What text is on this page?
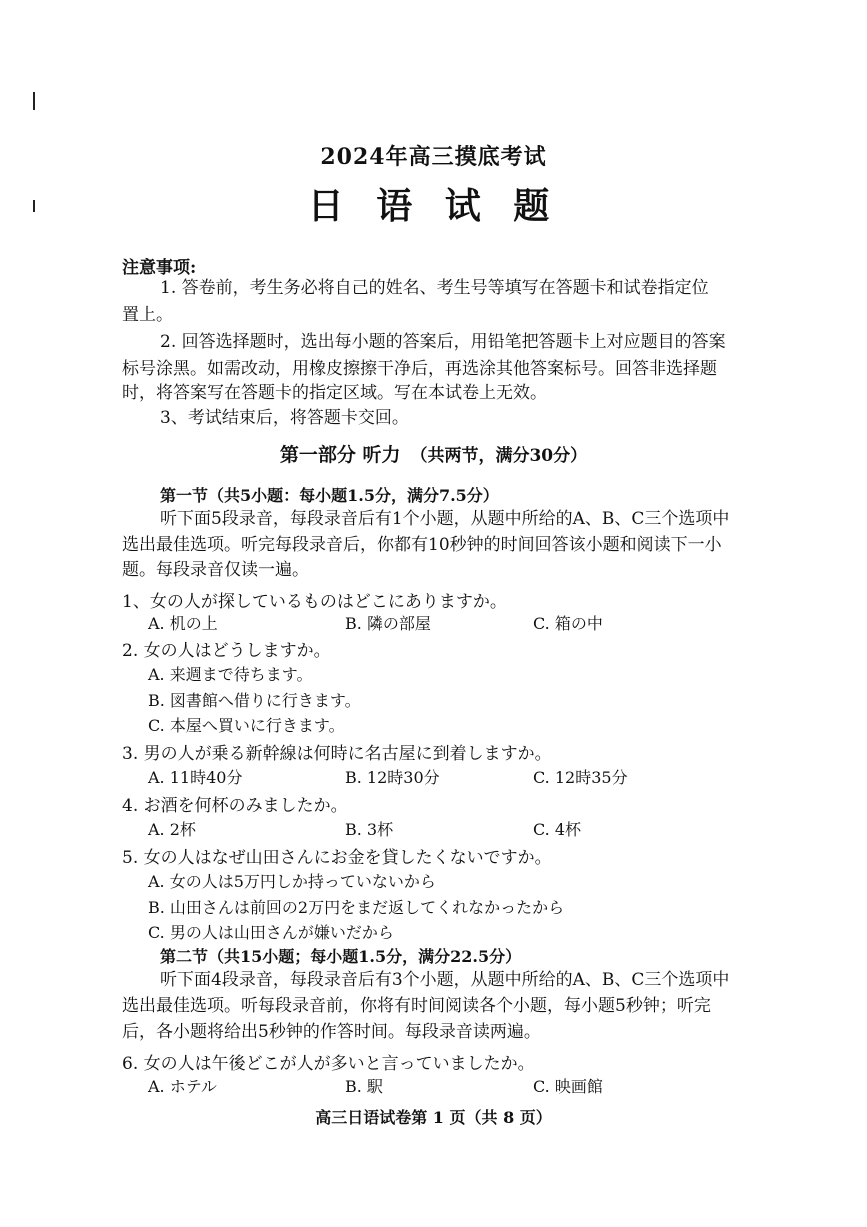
2024年高三摸底考试
日 语 试 题
注意事项:
1. 答卷前，考生务必将自己的姓名、考生号等填写在答题卡和试卷指定位
置上。
2. 回答选择题时，选出每小题的答案后，用铅笔把答题卡上对应题目的答案
标号涂黑。如需改动，用橡皮擦擦干净后，再选涂其他答案标号。回答非选择题
时，将答案写在答题卡的指定区域。写在本试卷上无效。
3、考试结束后，将答题卡交回。
第一部分 听力 （共两节，满分30分）
第一节（共5小题：每小题1.5分，满分7.5分）
听下面5段录音，每段录音后有1个小题，从题中所给的A、B、C三个选项中
选出最佳选项。听完每段录音后，你都有10秒钟的时间回答该小题和阅读下一小
题。每段录音仅读一遍。
1、女の人が探しているものはどこにありますか。
A. 机の上	B. 隣の部屋	C. 箱の中
2. 女の人はどうしますか。
A. 来週まで待ちます。
B. 図書館へ借りに行きます。
C. 本屋へ買いに行きます。
3. 男の人が乗る新幹線は何時に名古屋に到着しますか。
A. 11時40分	B. 12時30分	C. 12時35分
4. お酒を何杯のみましたか。
A. 2杯	B. 3杯	C. 4杯
5. 女の人はなぜ山田さんにお金を貸したくないですか。
A. 女の人は5万円しか持っていないから
B. 山田さんは前回の2万円をまだ返してくれなかったから
C. 男の人は山田さんが嫌いだから
第二节（共15小题；每小题1.5分，满分22.5分）
听下面4段录音，每段录音后有3个小题，从题中所给的A、B、C三个选项中
选出最佳选项。听每段录音前，你将有时间阅读各个小题，每小题5秒钟；听完
后，各小题将给出5秒钟的作答时间。每段录音读两遍。
6. 女の人は午後どこが人が多いと言っていましたか。
A. ホテル	B. 駅	C. 映画館
高三日语试卷第 1 页（共 8 页）
